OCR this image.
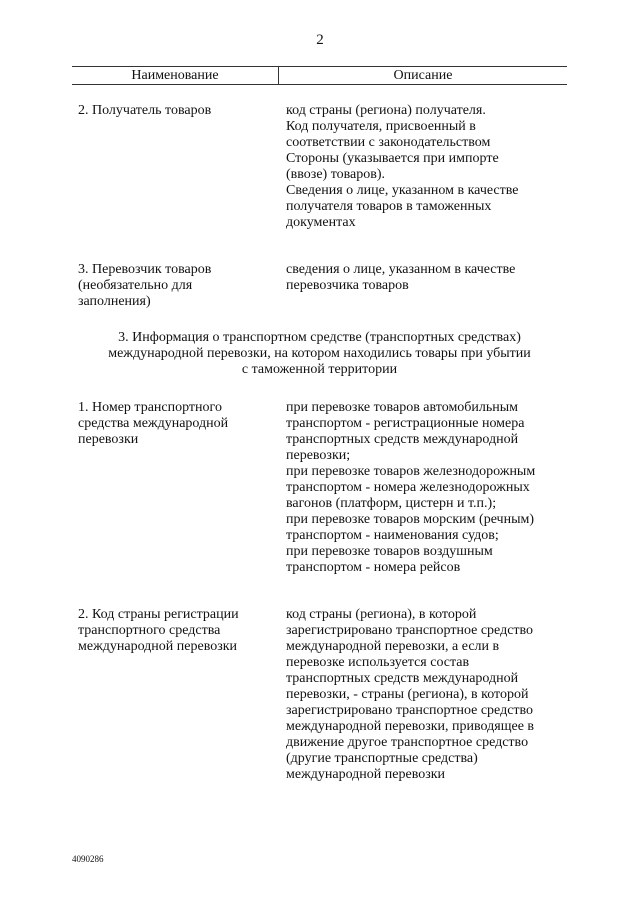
2
Наименование	Описание
2. Получатель товаров	код страны (региона) получателя.
Код получателя, присвоенный в
соответствии с законодательством
Стороны (указывается при импорте
(ввозе) товаров).
Сведения о лице, указанном в качестве
получателя товаров в таможенных
документах
3. Перевозчик товаров
(необязательно для
заполнения)
сведения о лице, указанном в качестве
перевозчика товаров
3. Информация о транспортном средстве (транспортных средствах)
международной перевозки, на котором находились товары при убытии
с таможенной территории
1. Номер транспортного
средства международной
перевозки
при перевозке товаров автомобильным
транспортом - регистрационные номера
транспортных средств международной
перевозки;
при перевозке товаров железнодорожным
транспортом - номера железнодорожных
вагонов (платформ, цистерн и т.п.);
при перевозке товаров морским (речным)
транспортом - наименования судов;
при перевозке товаров воздушным
транспортом - номера рейсов
2. Код страны регистрации
транспортного средства
международной перевозки
код страны (региона), в которой
зарегистрировано транспортное средство
международной перевозки, а если в
перевозке используется состав
транспортных средств международной
перевозки, - страны (региона), в которой
зарегистрировано транспортное средство
международной перевозки, приводящее в
движение другое транспортное средство
(другие транспортные средства)
международной перевозки
4090286
